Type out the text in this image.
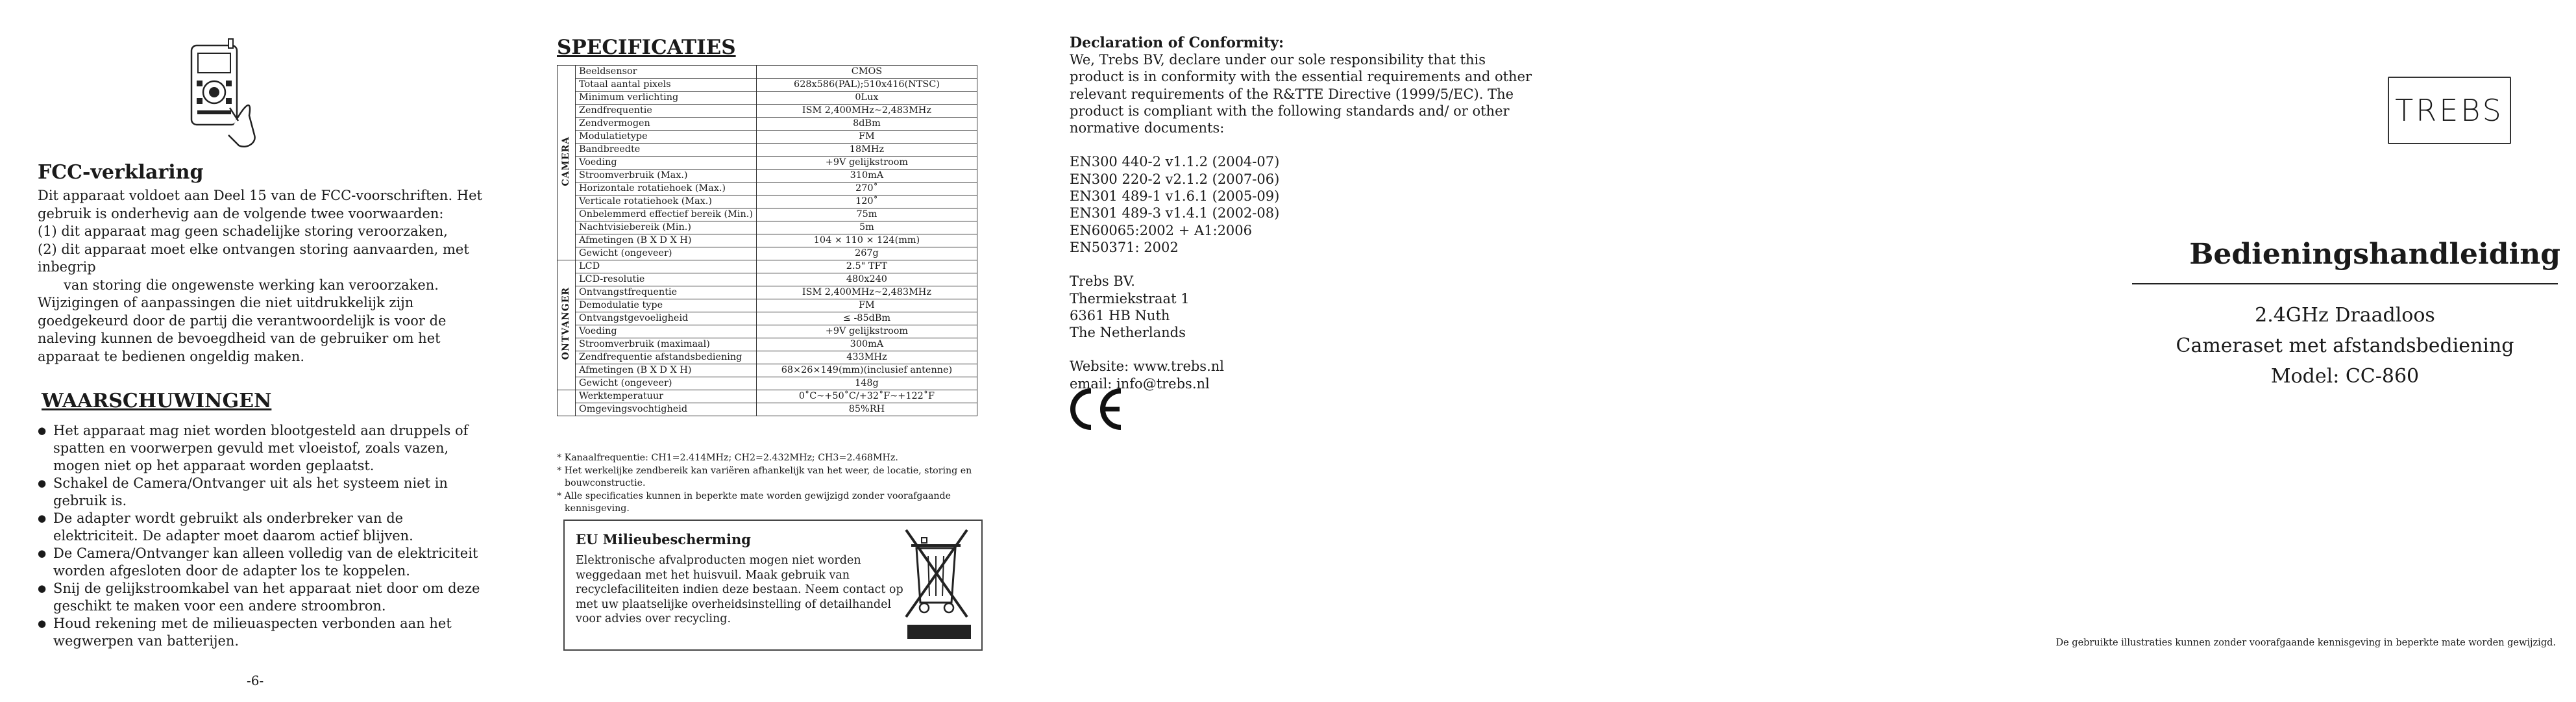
FCC-verklaring
Dit apparaat voldoet aan Deel 15 van de FCC-voorschriften. Het gebruik is onderhevig aan de volgende twee voorwaarden:
(1) dit apparaat mag geen schadelijke storing veroorzaken,
(2) dit apparaat moet elke ontvangen storing aanvaarden, met inbegrip
van storing die ongewenste werking kan veroorzaken.
Wijzigingen of aanpassingen die niet uitdrukkelijk zijn goedgekeurd door de partij die verantwoordelijk is voor de naleving kunnen de bevoegdheid van de gebruiker om het apparaat te bedienen ongeldig maken.
WAARSCHUWINGEN
● Het apparaat mag niet worden blootgesteld aan druppels of spatten en voorwerpen gevuld met vloeistof, zoals vazen, mogen niet op het apparaat worden geplaatst.
● Schakel de Camera/Ontvanger uit als het systeem niet in gebruik is.
● De adapter wordt gebruikt als onderbreker van de elektriciteit. De adapter moet daarom actief blijven.
● De Camera/Ontvanger kan alleen volledig van de elektriciteit worden afgesloten door de adapter los te koppelen.
● Snij de gelijkstroomkabel van het apparaat niet door om deze geschikt te maken voor een andere stroombron.
● Houd rekening met de milieuaspecten verbonden aan het wegwerpen van batterijen.
-6-
SPECIFICATIES
CAMERA	Beeldsensor	CMOS
	Totaal aantal pixels	628x586(PAL);510x416(NTSC)
	Minimum verlichting	0Lux
	Zendfrequentie	ISM 2,400MHz~2,483MHz
	Zendvermogen	8dBm
	Modulatietype	FM
	Bandbreedte	18MHz
	Voeding	+9V gelijkstroom
	Stroomverbruik (Max.)	310mA
	Horizontale rotatiehoek (Max.)	270˚
	Verticale rotatiehoek (Max.)	120˚
	Onbelemmerd effectief bereik (Min.)	75m
	Nachtvisiebereik (Min.)	5m
	Afmetingen (B X D X H)	104 × 110 × 124(mm)
	Gewicht (ongeveer)	267g
ONTVANGER	LCD	2.5" TFT
	LCD-resolutie	480x240
	Ontvangstfrequentie	ISM 2,400MHz~2,483MHz
	Demodulatie type	FM
	Ontvangstgevoeligheid	≤ -85dBm
	Voeding	+9V gelijkstroom
	Stroomverbruik (maximaal)	300mA
	Zendfrequentie afstandsbediening	433MHz
	Afmetingen (B X D X H)	68×26×149(mm)(inclusief antenne)
	Gewicht (ongeveer)	148g
	Werktemperatuur	0˚C~+50˚C/+32˚F~+122˚F
	Omgevingsvochtigheid	85%RH
* Kanaalfrequentie: CH1=2.414MHz; CH2=2.432MHz; CH3=2.468MHz.
* Het werkelijke zendbereik kan variëren afhankelijk van het weer, de locatie, storing en bouwconstructie.
* Alle specificaties kunnen in beperkte mate worden gewijzigd zonder voorafgaande kennisgeving.
EU Milieubescherming
Elektronische afvalproducten mogen niet worden weggedaan met het huisvuil. Maak gebruik van recyclefaciliteiten indien deze bestaan. Neem contact op met uw plaatselijke overheidsinstelling of detailhandel voor advies over recycling.
Declaration of Conformity:
We, Trebs BV, declare under our sole responsibility that this product is in conformity with the essential requirements and other relevant requirements of the R&TTE Directive (1999/5/EC). The product is compliant with the following standards and/ or other normative documents:
EN300 440-2 v1.1.2 (2004-07)
EN300 220-2 v2.1.2 (2007-06)
EN301 489-1 v1.6.1 (2005-09)
EN301 489-3 v1.4.1 (2002-08)
EN60065:2002 + A1:2006
EN50371: 2002
Trebs BV.
Thermiekstraat 1
6361 HB Nuth
The Netherlands
Website: www.trebs.nl
email: info@trebs.nl
TREBS
Bedieningshandleiding
2.4GHz Draadloos
Cameraset met afstandsbediening
Model: CC-860
De gebruikte illustraties kunnen zonder voorafgaande kennisgeving in beperkte mate worden gewijzigd.
